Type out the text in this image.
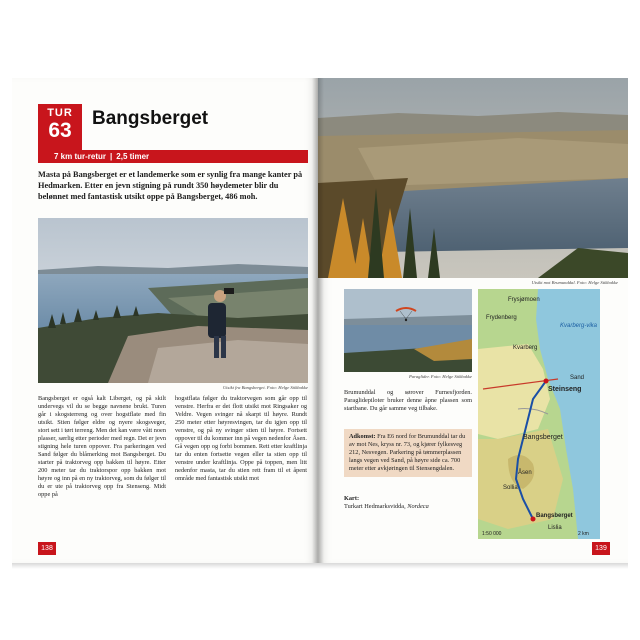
TUR
63
Bangsberget
7 km tur-retur | 2,5 timer

Masta på Bangsberget er et landemerke som er synlig fra mange kanter på Hedmarken. Etter en jevn stigning på rundt 350 høydemeter blir du belønnet med fantastisk utsikt oppe på Bangsberget, 486 moh.

Utsikt fra Bangsberget. Foto: Helge Stikbakke

Bangsberget er også kalt Liberget, og på skilt undervegs vil du se begge navnene brukt. Turen går i skogsterreng og over hogstflate med fin utsikt. Stien følger eldre og nyere skogsveger, stort sett i tørt terreng. Men det kan være vått noen plasser, særlig etter perioder med regn. Det er jevn stigning hele turen oppover. Fra parkeringen ved Sand følger du blåmerking mot Bangsberget. Du starter på traktorveg opp bakken til høyre. Etter 200 meter tar du traktorspor opp bakken mot høyre og inn på en ny traktorveg, som du følger til du er ute på traktorveg opp fra Stenseng. Midt oppe på

hogstflata følger du traktorvegen som går opp til venstre. Herfra er det flott utsikt mot Ringsaker og Veldre. Vegen svinger nå skarpt til høyre. Rundt 250 meter etter høyresvingen, tar du igjen opp til venstre, og på ny svinger stien til høyre. Fortsett oppover til du kommer inn på vegen nedenfor Åsen. Gå vegen opp og forbi bommen. Rett etter kraftlinja tar du enten fortsette vegen eller ta stien opp til venstre under kraftlinja. Oppe på toppen, men litt nedenfor masta, tar du stien rett fram til et åpent område med fantastisk utsikt mot

138

Utsikt mot Brumunddal. Foto: Helge Stikbakke

Paraglider. Foto: Helge Stikbakke

Frysjømoen
Frydenberg
Kvarberg-vika
Kvarberg
Sand
Steinseng
Bangsberget
Åsen
Sollia
Bangsberget
Lislia
1:50 000	2 km

Brumunddal og sørover Furnesfjorden. Paraglidepiloter bruker denne åpne plassen som startbane. Du går samme veg tilbake.

Adkomst: Fra E6 nord for Brumunddal tar du av mot Nes, kryss nr. 73, og kjører fylkesveg 212, Nesvegen. Parkering på tømmerplassen langs vegen ved Sand, på høyre side ca. 700 meter etter avkjøringen til Stensengdalen.

Kart:
Turkart Hedmarksvidda, Nordeca

139
